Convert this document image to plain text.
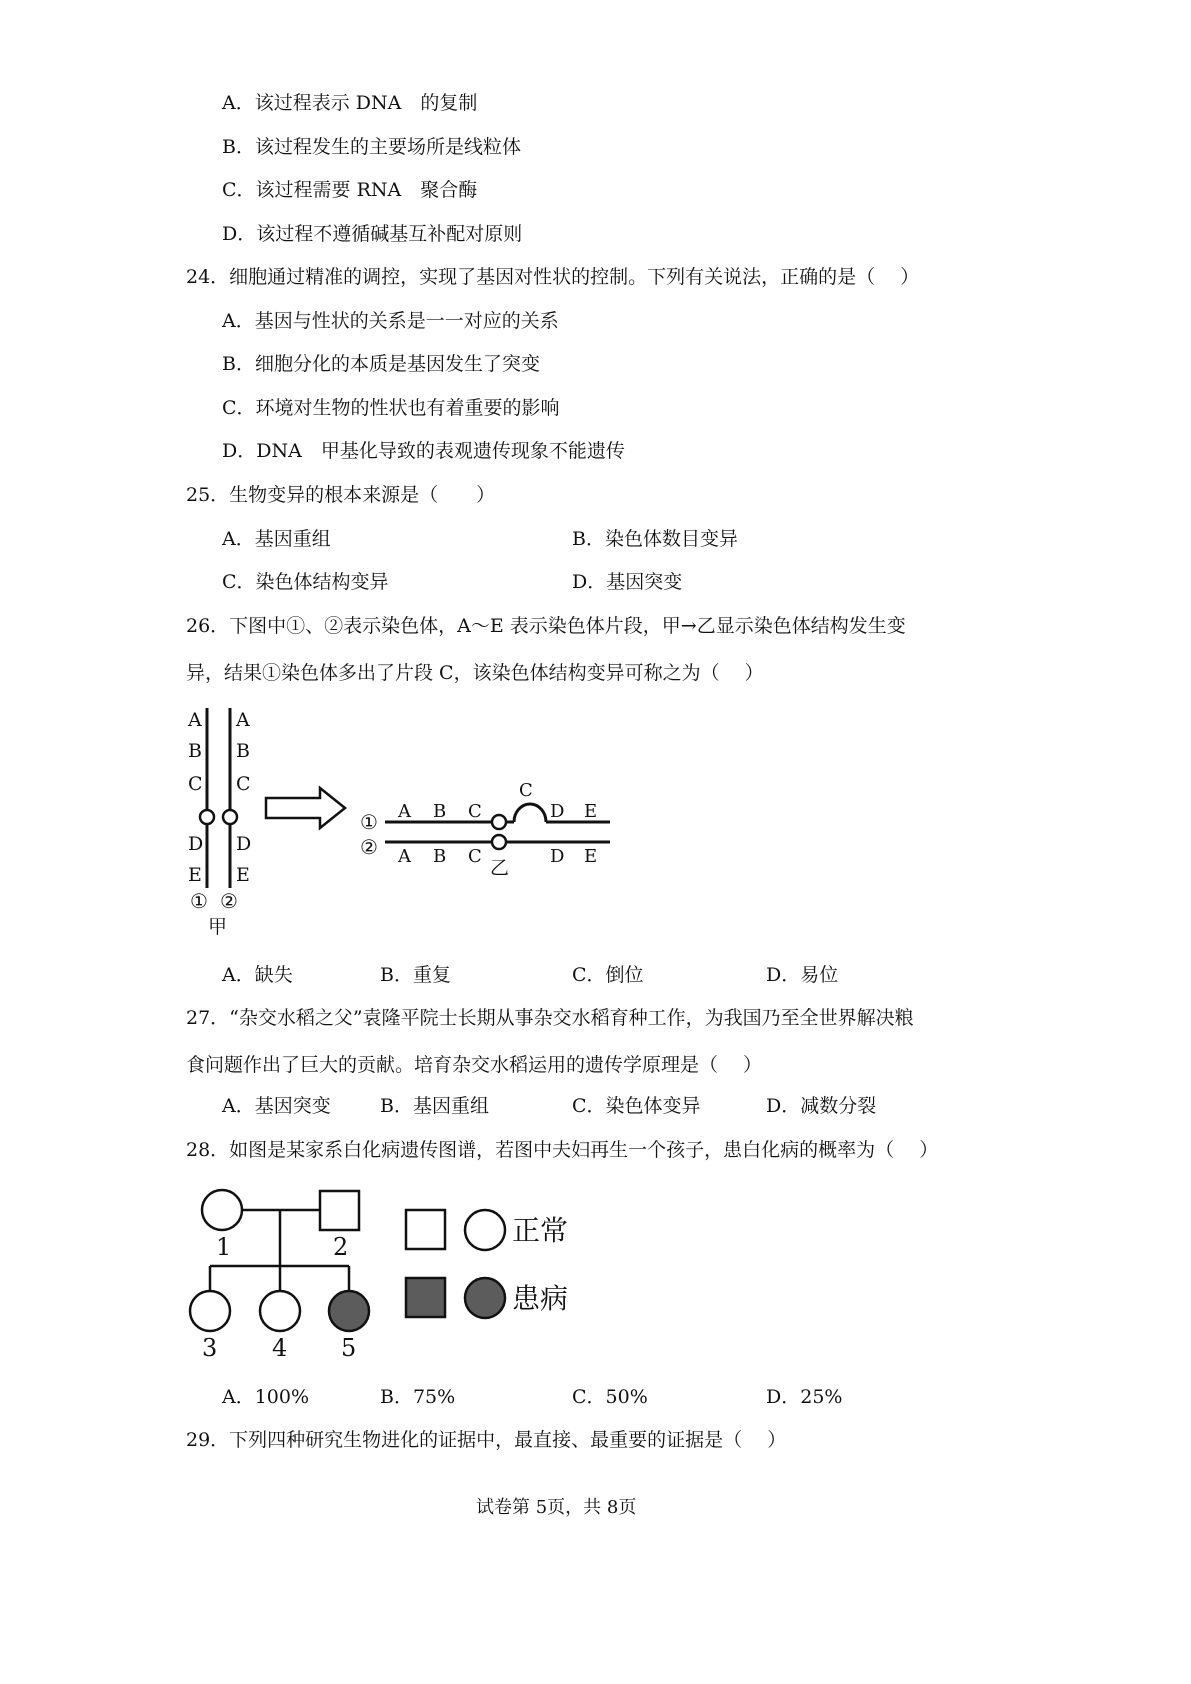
A．该过程表示 DNA　的复制
B．该过程发生的主要场所是线粒体
C．该过程需要 RNA　聚合酶
D．该过程不遵循碱基互补配对原则
24．细胞通过精准的调控，实现了基因对性状的控制。下列有关说法，正确的是（　 ）
A．基因与性状的关系是一一对应的关系
B．细胞分化的本质是基因发生了突变
C．环境对生物的性状也有着重要的影响
D．DNA　甲基化导致的表观遗传现象不能遗传
25．生物变异的根本来源是（　　）
A．基因重组	B．染色体数目变异
C．染色体结构变异	D．基因突变
26．下图中①、②表示染色体，A～E 表示染色体片段，甲→乙显示染色体结构发生变
异，结果①染色体多出了片段 C，该染色体结构变异可称之为（　 ）
A
B
C
D
E
A
B
C
D
E
① ②
甲
①
②
A B C
C
D E
A B C	D E
乙
A．缺失	B．重复	C．倒位	D．易位
27．“杂交水稻之父”袁隆平院士长期从事杂交水稻育种工作，为我国乃至全世界解决粮
食问题作出了巨大的贡献。培育杂交水稻运用的遗传学原理是（　 ）
A．基因突变	B．基因重组	C．染色体变异	D．减数分裂
28．如图是某家系白化病遗传图谱，若图中夫妇再生一个孩子，患白化病的概率为（　 ）
1	2
3 4 5
正常
患病
A．100%	B．75%	C．50%	D．25%
29．下列四种研究生物进化的证据中，最直接、最重要的证据是（　 ）
试卷第 5页，共 8页
